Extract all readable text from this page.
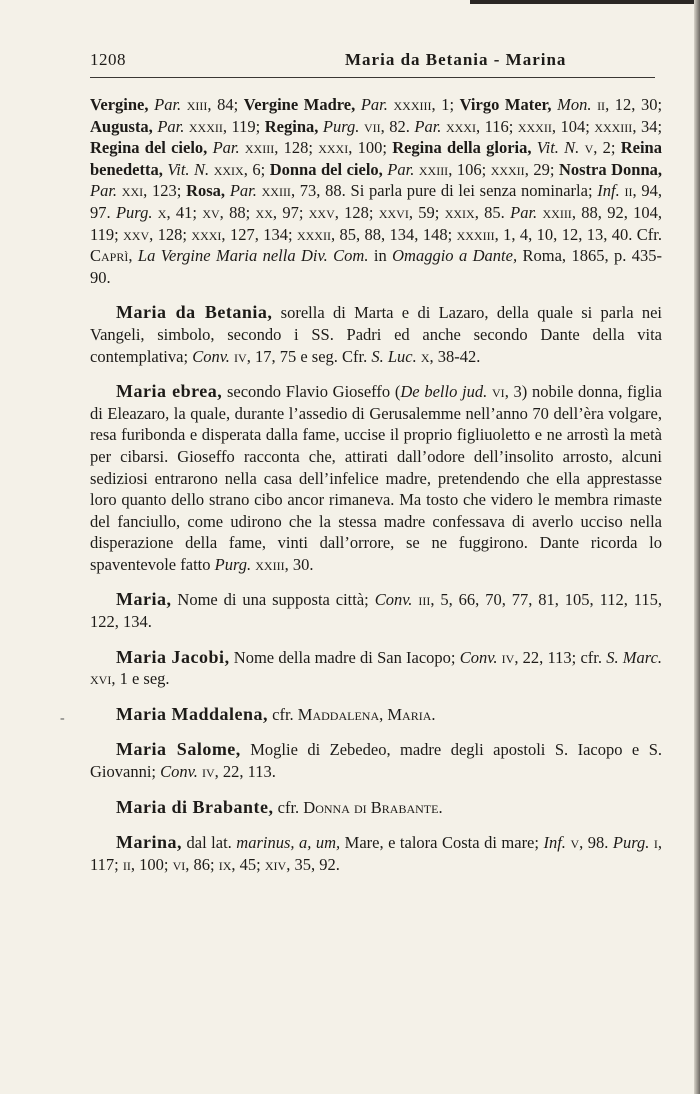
1208	Maria da Betania - Marina
-

Vergine, Par. xiii, 84; Vergine Madre, Par. xxxiii, 1; Virgo Mater, Mon. ii, 12, 30; Augusta, Par. xxxii, 119; Regina, Purg. vii, 82. Par. xxxi, 116; xxxii, 104; xxxiii, 34; Regina del cielo, Par. xxiii, 128; xxxi, 100; Regina della gloria, Vit. N. v, 2; Reina benedetta, Vit. N. xxix, 6; Donna del cielo, Par. xxiii, 106; xxxii, 29; Nostra Donna, Par. xxi, 123; Rosa, Par. xxiii, 73, 88. Si parla pure di lei senza nominarla; Inf. ii, 94, 97. Purg. x, 41; xv, 88; xx, 97; xxv, 128; xxvi, 59; xxix, 85. Par. xxiii, 88, 92, 104, 119; xxv, 128; xxxi, 127, 134; xxxii, 85, 88, 134, 148; xxxiii, 1, 4, 10, 12, 13, 40. Cfr. Caprì, La Vergine Maria nella Div. Com. in Omaggio a Dante, Roma, 1865, p. 435-90.

Maria da Betania, sorella di Marta e di Lazaro, della quale si parla nei Vangeli, simbolo, secondo i SS. Padri ed anche secondo Dante della vita contemplativa; Conv. iv, 17, 75 e seg. Cfr. S. Luc. x, 38-42.

Maria ebrea, secondo Flavio Gioseffo (De bello jud. vi, 3) nobile donna, figlia di Eleazaro, la quale, durante l’assedio di Gerusalemme nell’anno 70 dell’èra volgare, resa furibonda e disperata dalla fame, uccise il proprio figliuoletto e ne arrostì la metà per cibarsi. Gioseffo racconta che, attirati dall’odore dell’insolito arrosto, alcuni sediziosi entrarono nella casa dell’infelice madre, pretendendo che ella apprestasse loro quanto dello strano cibo ancor rimaneva. Ma tosto che videro le membra rimaste del fanciullo, come udirono che la stessa madre confessava di averlo ucciso nella disperazione della fame, vinti dall’orrore, se ne fuggirono. Dante ricorda lo spaventevole fatto Purg. xxiii, 30.

Maria, Nome di una supposta città; Conv. iii, 5, 66, 70, 77, 81, 105, 112, 115, 122, 134.

Maria Jacobi, Nome della madre di San Iacopo; Conv. iv, 22, 113; cfr. S. Marc. xvi, 1 e seg.

Maria Maddalena, cfr. Maddalena, Maria.

Maria Salome, Moglie di Zebedeo, madre degli apostoli S. Iacopo e S. Giovanni; Conv. iv, 22, 113.

Maria di Brabante, cfr. Donna di Brabante.

Marina, dal lat. marinus, a, um, Mare, e talora Costa di mare; Inf. v, 98. Purg. i, 117; ii, 100; vi, 86; ix, 45; xiv, 35, 92.
